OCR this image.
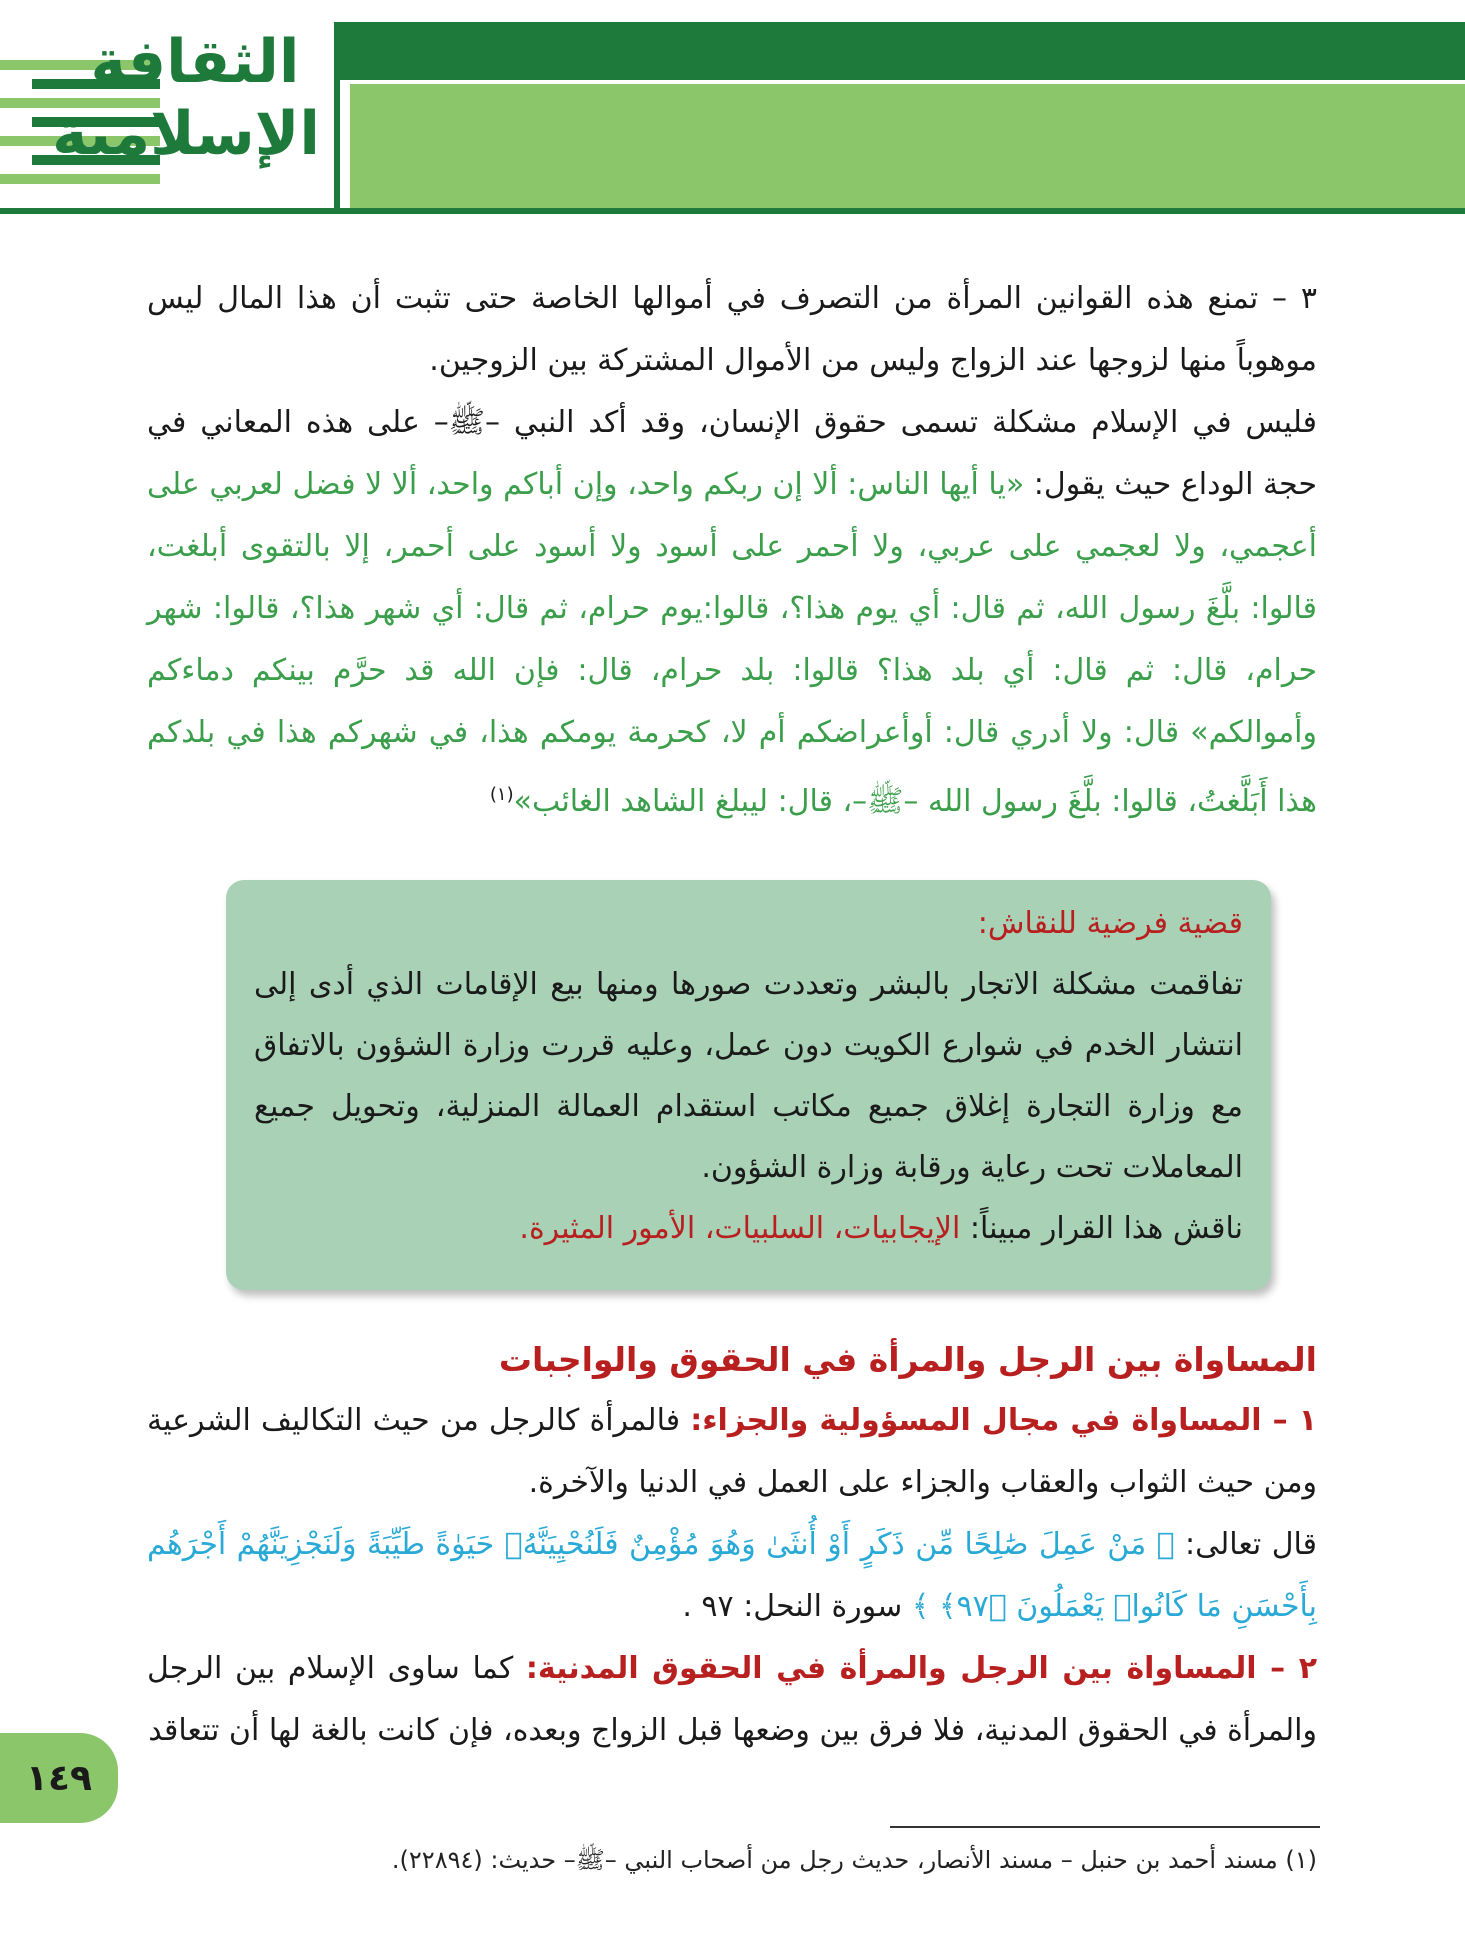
الثقافة
الإسلامية

٣ – تمنع هذه القوانين المرأة من التصرف في أموالها الخاصة حتى تثبت أن هذا المال ليس موهوباً منها لزوجها عند الزواج وليس من الأموال المشتركة بين الزوجين.

فليس في الإسلام مشكلة تسمى حقوق الإنسان، وقد أكد النبي –ﷺ– على هذه المعاني في حجة الوداع حيث يقول: «يا أيها الناس: ألا إن ربكم واحد، وإن أباكم واحد، ألا لا فضل لعربي على أعجمي، ولا لعجمي على عربي، ولا أحمر على أسود ولا أسود على أحمر، إلا بالتقوى أبلغت، قالوا: بلَّغَ رسول الله، ثم قال: أي يوم هذا؟، قالوا:يوم حرام، ثم قال: أي شهر هذا؟، قالوا: شهر حرام، قال: ثم قال: أي بلد هذا؟ قالوا: بلد حرام، قال: فإن الله قد حرَّم بينكم دماءكم وأموالكم» قال: ولا أدري قال: أوأعراضكم أم لا، كحرمة يومكم هذا، في شهركم هذا في بلدكم هذا أَبَلَّغتُ، قالوا: بلَّغَ رسول الله –ﷺ–، قال: ليبلغ الشاهد الغائب»$^{(١)}$

قضية فرضية للنقاش:

تفاقمت مشكلة الاتجار بالبشر وتعددت صورها ومنها بيع الإقامات الذي أدى إلى انتشار الخدم في شوارع الكويت دون عمل، وعليه قررت وزارة الشؤون بالاتفاق مع وزارة التجارة إغلاق جميع مكاتب استقدام العمالة المنزلية، وتحويل جميع المعاملات تحت رعاية ورقابة وزارة الشؤون.

ناقش هذا القرار مبيناً: الإيجابيات، السلبيات، الأمور المثيرة.

المساواة بين الرجل والمرأة في الحقوق والواجبات

١ – المساواة في مجال المسؤولية والجزاء: فالمرأة كالرجل من حيث التكاليف الشرعية ومن حيث الثواب والعقاب والجزاء على العمل في الدنيا والآخرة.

قال تعالى: ﴿ مَنْ عَمِلَ صَٰلِحًا مِّن ذَكَرٍ أَوْ أُنثَىٰ وَهُوَ مُؤْمِنٌ فَلَنُحْيِيَنَّهُۥ حَيَوٰةً طَيِّبَةً وَلَنَجْزِيَنَّهُمْ أَجْرَهُم بِأَحْسَنِ مَا كَانُوا۟ يَعْمَلُونَ ﴿٩٧﴾ ﴾ سورة النحل: ٩٧ .

٢ – المساواة بين الرجل والمرأة في الحقوق المدنية: كما ساوى الإسلام بين الرجل والمرأة في الحقوق المدنية، فلا فرق بين وضعها قبل الزواج وبعده، فإن كانت بالغة لها أن تتعاقد

١٤٩
(١) مسند أحمد بن حنبل – مسند الأنصار، حديث رجل من أصحاب النبي –ﷺ– حديث: (٢٢٨٩٤).
